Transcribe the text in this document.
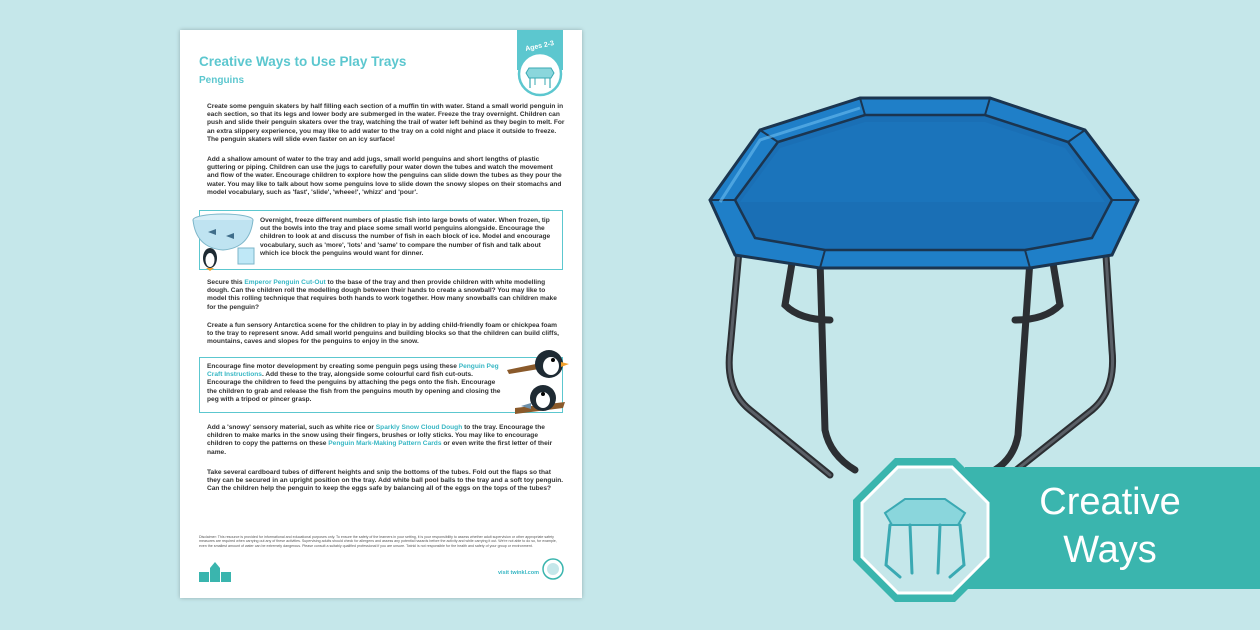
Creative Ways to Use Play Trays
Penguins
Ages 2-3
Create some penguin skaters by half filling each section of a muffin tin with water. Stand a small world penguin in each section, so that its legs and lower body are submerged in the water. Freeze the tray overnight. Children can push and slide their penguin skaters over the tray, watching the trail of water left behind as they begin to melt. For an extra slippery experience, you may like to add water to the tray on a cold night and place it outside to freeze. The penguin skaters will slide even faster on an icy surface!
Add a shallow amount of water to the tray and add jugs, small world penguins and short lengths of plastic guttering or piping. Children can use the jugs to carefully pour water down the tubes and watch the movement and flow of the water. Encourage children to explore how the penguins can slide down the tubes as they pour the water. You may like to talk about how some penguins love to slide down the snowy slopes on their stomachs and model vocabulary, such as 'fast', 'slide', 'wheee!', 'whizz' and 'pour'.
Overnight, freeze different numbers of plastic fish into large bowls of water. When frozen, tip out the bowls into the tray and place some small world penguins alongside. Encourage the children to look at and discuss the number of fish in each block of ice. Model and encourage vocabulary, such as 'more', 'lots' and 'same' to compare the number of fish and talk about which ice block the penguins would want for dinner.
Secure this Emperor Penguin Cut-Out to the base of the tray and then provide children with white modelling dough. Can the children roll the modelling dough between their hands to create a snowball? You may like to model this rolling technique that requires both hands to work together. How many snowballs can children make for the penguin?
Create a fun sensory Antarctica scene for the children to play in by adding child-friendly foam or chickpea foam to the tray to represent snow. Add small world penguins and building blocks so that the children can build cliffs, mountains, caves and slopes for the penguins to enjoy in the snow.
Encourage fine motor development by creating some penguin pegs using these Penguin Peg Craft Instructions. Add these to the tray, alongside some colourful card fish cut-outs. Encourage the children to feed the penguins by attaching the pegs onto the fish. Encourage the children to grab and release the fish from the penguins mouth by opening and closing the peg with a tripod or pincer grasp.
Add a 'snowy' sensory material, such as white rice or Sparkly Snow Cloud Dough to the tray. Encourage the children to make marks in the snow using their fingers, brushes or lolly sticks. You may like to encourage children to copy the patterns on these Penguin Mark-Making Pattern Cards or even write the first letter of their name.
Take several cardboard tubes of different heights and snip the bottoms of the tubes. Fold out the flaps so that they can be secured in an upright position on the tray. Add white ball pool balls to the tray and a soft toy penguin. Can the children help the penguin to keep the eggs safe by balancing all of the eggs on the tops of the tubes?
Disclaimer: This resource is provided for informational and educational purposes only. To ensure the safety of the learners in your setting, it is your responsibility to assess whether adult supervision or other appropriate safety measures are required when carrying out any of these activities. Supervising adults should check for allergens and assess any potential hazards before the activity and while carrying it out. We're not able to do so, for example, even the smallest amount of water can be extremely dangerous. Please consult a suitably qualified professional if you are unsure. Twinkl is not responsible for the health and safety of your group or environment.
visit twinkl.com
Creative
Ways
